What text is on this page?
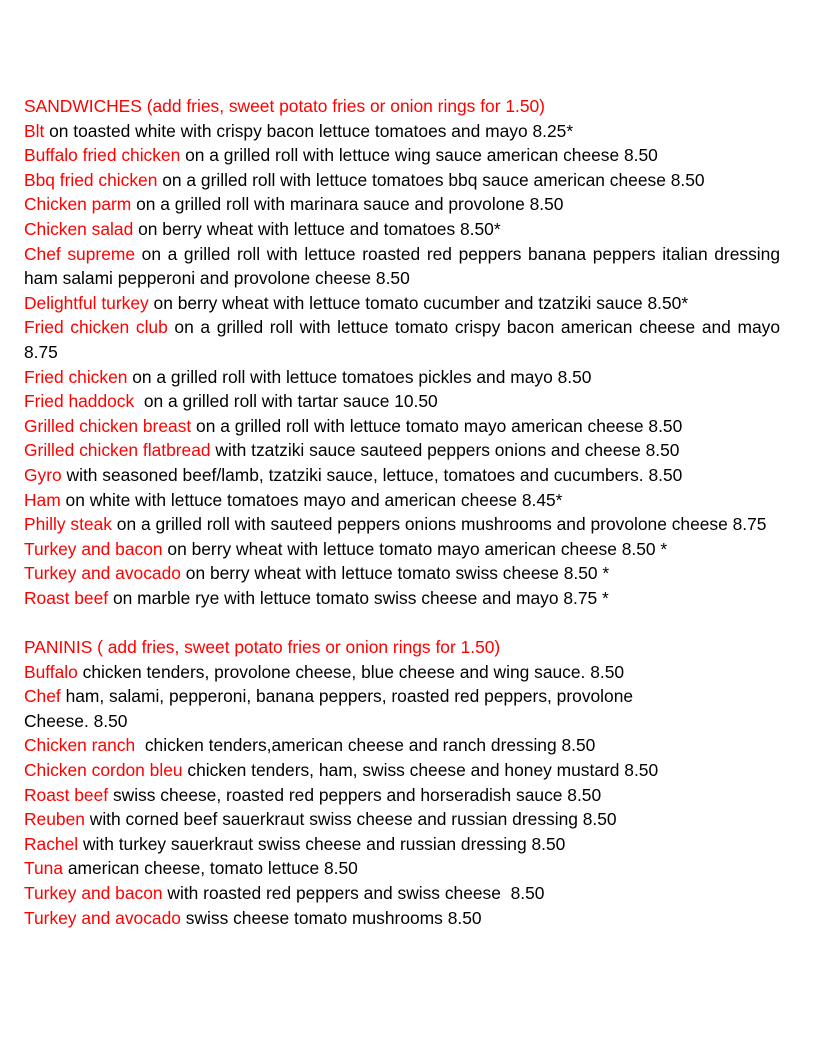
SANDWICHES (add fries, sweet potato fries or onion rings for 1.50)

Blt on toasted white with crispy bacon lettuce tomatoes and mayo 8.25*

Buffalo fried chicken on a grilled roll with lettuce wing sauce american cheese 8.50

Bbq fried chicken on a grilled roll with lettuce tomatoes bbq sauce american cheese 8.50

Chicken parm on a grilled roll with marinara sauce and provolone 8.50

Chicken salad on berry wheat with lettuce and tomatoes 8.50*

Chef supreme on a grilled roll with lettuce roasted red peppers banana peppers italian dressing ham salami pepperoni and provolone cheese 8.50

Delightful turkey on berry wheat with lettuce tomato cucumber and tzatziki sauce 8.50*

Fried chicken club on a grilled roll with lettuce tomato crispy bacon american cheese and mayo 8.75

Fried chicken on a grilled roll with lettuce tomatoes pickles and mayo 8.50

Fried haddock  on a grilled roll with tartar sauce 10.50

Grilled chicken breast on a grilled roll with lettuce tomato mayo american cheese 8.50

Grilled chicken flatbread with tzatziki sauce sauteed peppers onions and cheese 8.50

Gyro with seasoned beef/lamb, tzatziki sauce, lettuce, tomatoes and cucumbers. 8.50

Ham on white with lettuce tomatoes mayo and american cheese 8.45*

Philly steak on a grilled roll with sauteed peppers onions mushrooms and provolone cheese 8.75

Turkey and bacon on berry wheat with lettuce tomato mayo american cheese 8.50 *

Turkey and avocado on berry wheat with lettuce tomato swiss cheese 8.50 *

Roast beef on marble rye with lettuce tomato swiss cheese and mayo 8.75 *

PANINIS ( add fries, sweet potato fries or onion rings for 1.50)

Buffalo chicken tenders, provolone cheese, blue cheese and wing sauce. 8.50

Chef ham, salami, pepperoni, banana peppers, roasted red peppers, provolone
Cheese. 8.50

Chicken ranch  chicken tenders,american cheese and ranch dressing 8.50

Chicken cordon bleu chicken tenders, ham, swiss cheese and honey mustard 8.50

Roast beef swiss cheese, roasted red peppers and horseradish sauce 8.50

Reuben with corned beef sauerkraut swiss cheese and russian dressing 8.50

Rachel with turkey sauerkraut swiss cheese and russian dressing 8.50

Tuna american cheese, tomato lettuce 8.50

Turkey and bacon with roasted red peppers and swiss cheese  8.50

Turkey and avocado swiss cheese tomato mushrooms 8.50
